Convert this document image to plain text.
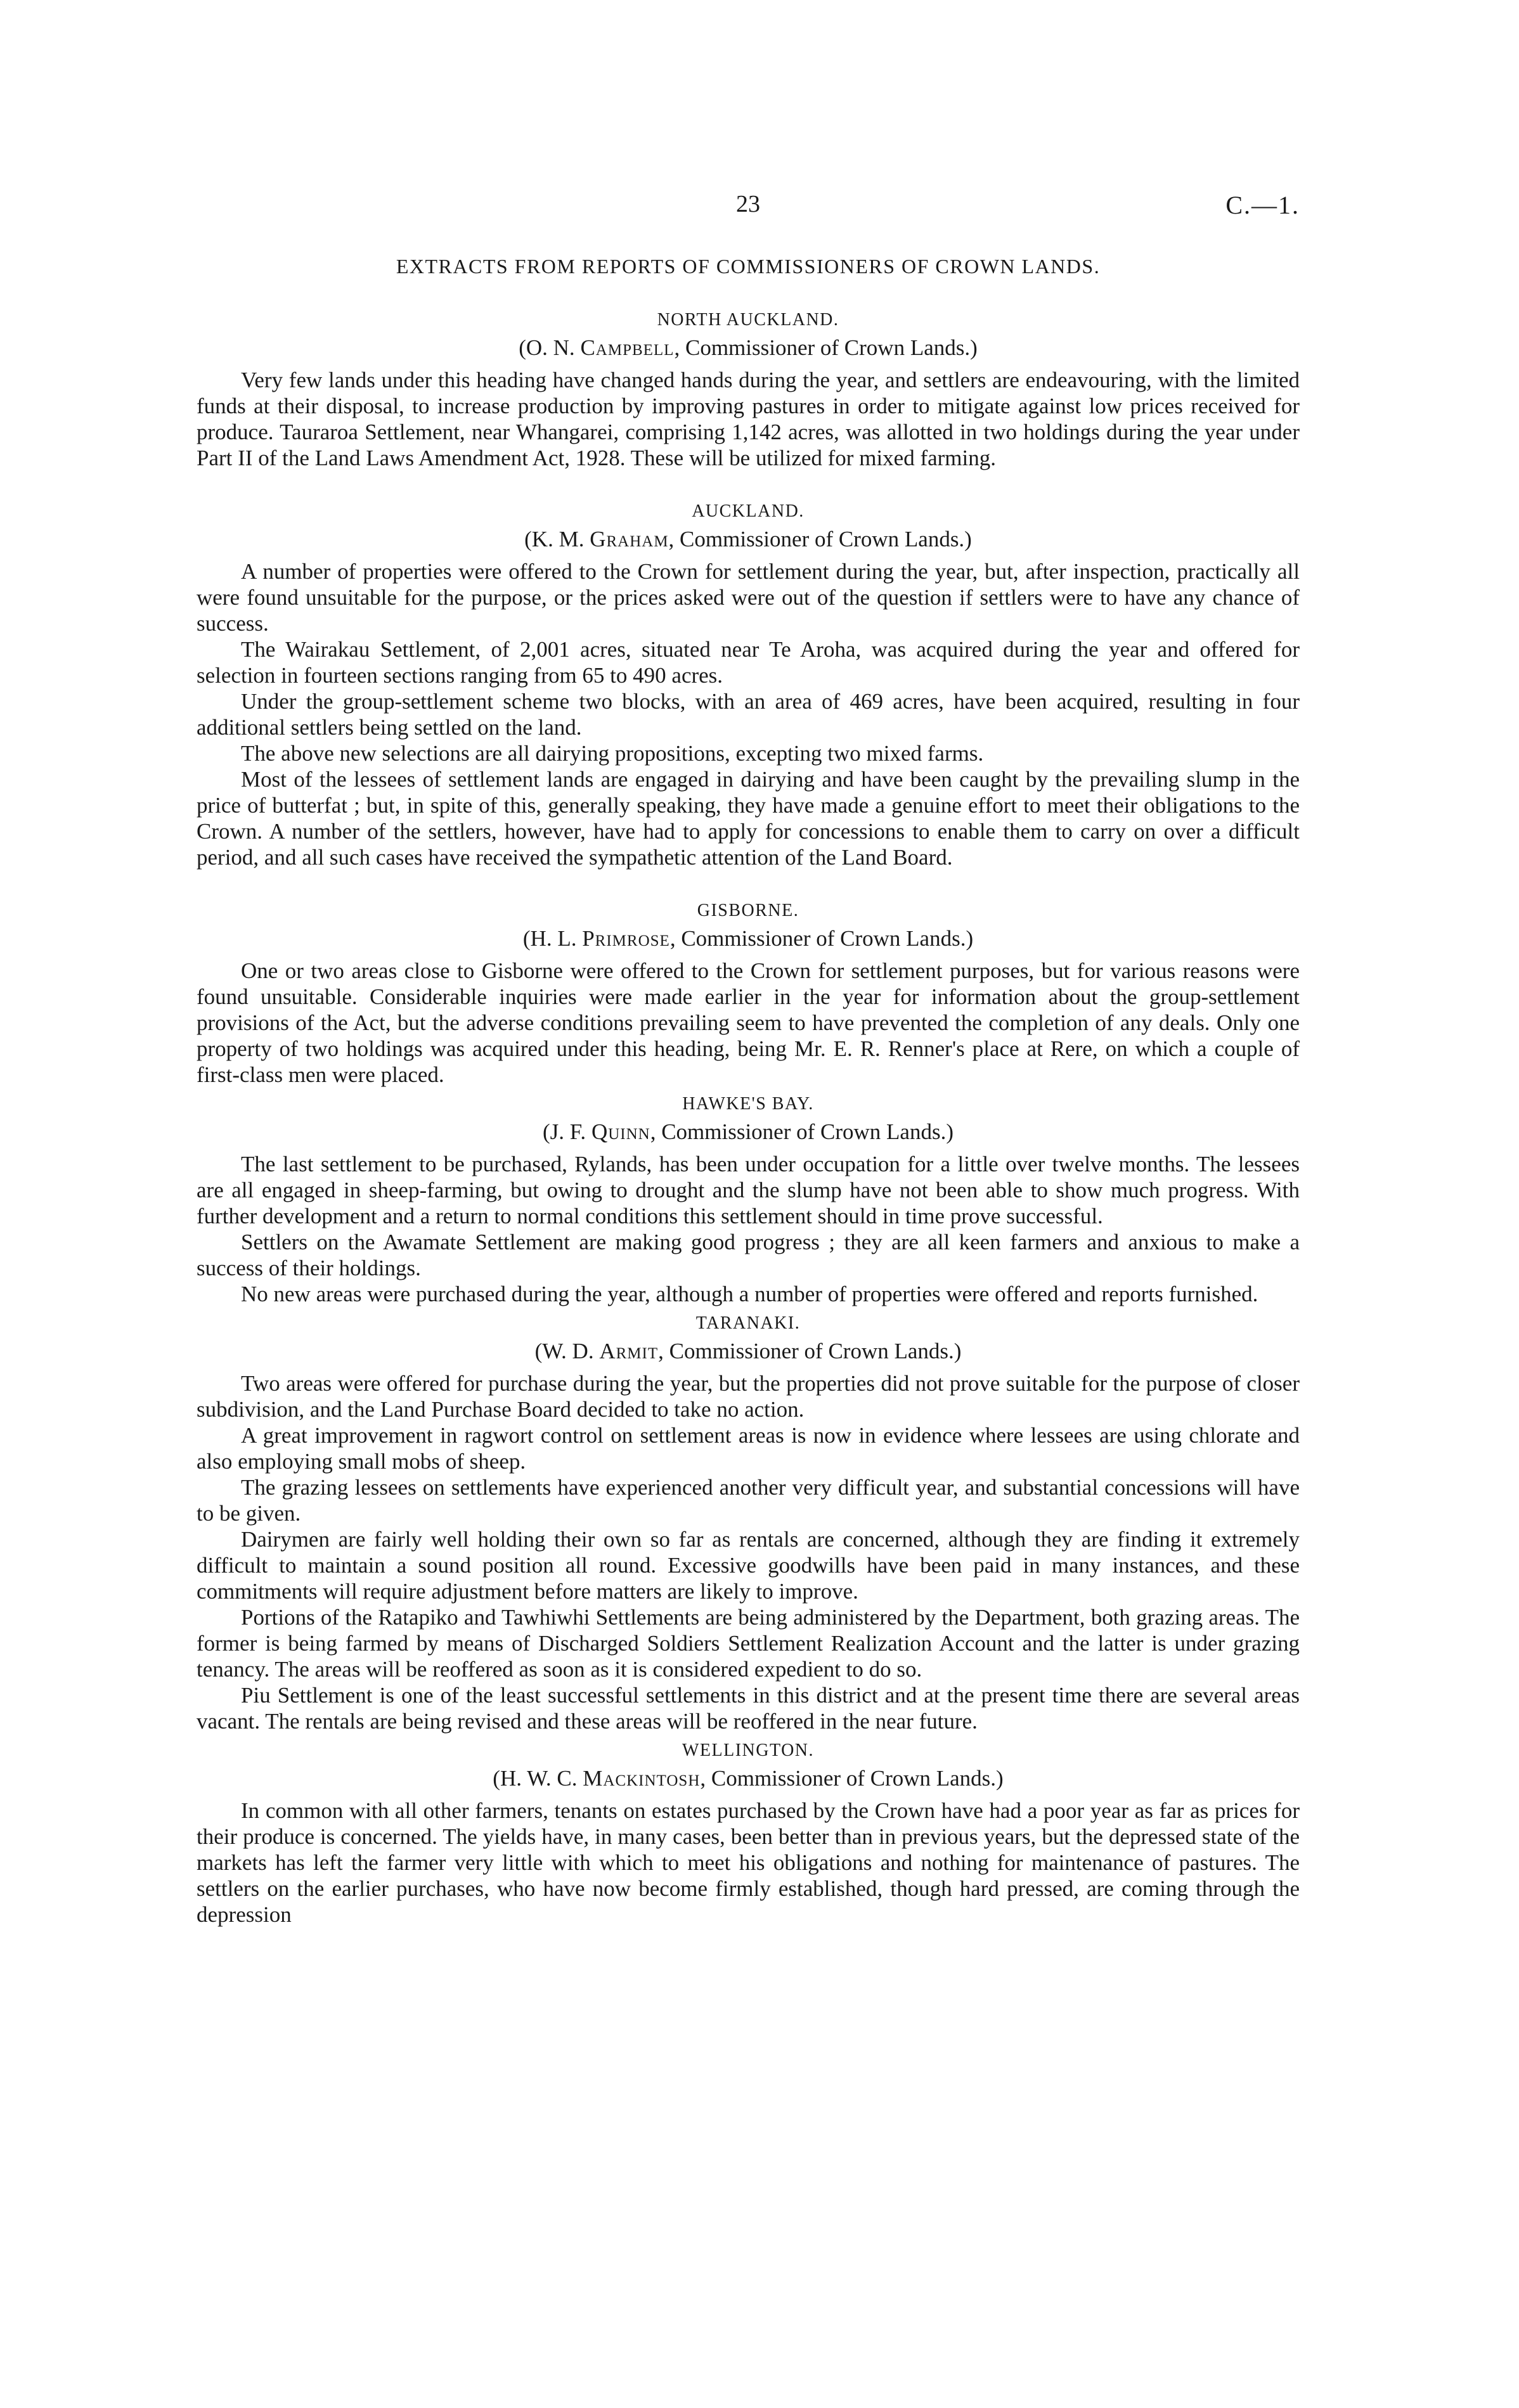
23	C.—1.
EXTRACTS FROM REPORTS OF COMMISSIONERS OF CROWN LANDS.
NORTH AUCKLAND.
(O. N. Campbell, Commissioner of Crown Lands.)

Very few lands under this heading have changed hands during the year, and settlers are endeavouring, with the limited funds at their disposal, to increase production by improving pastures in order to mitigate against low prices received for produce. Tauraroa Settlement, near Whangarei, comprising 1,142 acres, was allotted in two holdings during the year under Part II of the Land Laws Amendment Act, 1928. These will be utilized for mixed farming.

AUCKLAND.
(K. M. Graham, Commissioner of Crown Lands.)

A number of properties were offered to the Crown for settlement during the year, but, after inspection, practically all were found unsuitable for the purpose, or the prices asked were out of the question if settlers were to have any chance of success.

The Wairakau Settlement, of 2,001 acres, situated near Te Aroha, was acquired during the year and offered for selection in fourteen sections ranging from 65 to 490 acres.

Under the group-settlement scheme two blocks, with an area of 469 acres, have been acquired, resulting in four additional settlers being settled on the land.

The above new selections are all dairying propositions, excepting two mixed farms.

Most of the lessees of settlement lands are engaged in dairying and have been caught by the prevailing slump in the price of butterfat ; but, in spite of this, generally speaking, they have made a genuine effort to meet their obligations to the Crown. A number of the settlers, however, have had to apply for concessions to enable them to carry on over a difficult period, and all such cases have received the sympathetic attention of the Land Board.

GISBORNE.
(H. L. Primrose, Commissioner of Crown Lands.)

One or two areas close to Gisborne were offered to the Crown for settlement purposes, but for various reasons were found unsuitable. Considerable inquiries were made earlier in the year for information about the group-settlement provisions of the Act, but the adverse conditions prevailing seem to have prevented the completion of any deals. Only one property of two holdings was acquired under this heading, being Mr. E. R. Renner's place at Rere, on which a couple of first-class men were placed.

HAWKE'S BAY.
(J. F. Quinn, Commissioner of Crown Lands.)

The last settlement to be purchased, Rylands, has been under occupation for a little over twelve months. The lessees are all engaged in sheep-farming, but owing to drought and the slump have not been able to show much progress. With further development and a return to normal conditions this settlement should in time prove successful.

Settlers on the Awamate Settlement are making good progress ; they are all keen farmers and anxious to make a success of their holdings.

No new areas were purchased during the year, although a number of properties were offered and reports furnished.

TARANAKI.
(W. D. Armit, Commissioner of Crown Lands.)

Two areas were offered for purchase during the year, but the properties did not prove suitable for the purpose of closer subdivision, and the Land Purchase Board decided to take no action.

A great improvement in ragwort control on settlement areas is now in evidence where lessees are using chlorate and also employing small mobs of sheep.

The grazing lessees on settlements have experienced another very difficult year, and substantial concessions will have to be given.

Dairymen are fairly well holding their own so far as rentals are concerned, although they are finding it extremely difficult to maintain a sound position all round. Excessive goodwills have been paid in many instances, and these commitments will require adjustment before matters are likely to improve.

Portions of the Ratapiko and Tawhiwhi Settlements are being administered by the Department, both grazing areas. The former is being farmed by means of Discharged Soldiers Settlement Realization Account and the latter is under grazing tenancy. The areas will be reoffered as soon as it is considered expedient to do so.

Piu Settlement is one of the least successful settlements in this district and at the present time there are several areas vacant. The rentals are being revised and these areas will be reoffered in the near future.

WELLINGTON.
(H. W. C. Mackintosh, Commissioner of Crown Lands.)

In common with all other farmers, tenants on estates purchased by the Crown have had a poor year as far as prices for their produce is concerned. The yields have, in many cases, been better than in previous years, but the depressed state of the markets has left the farmer very little with which to meet his obligations and nothing for maintenance of pastures. The settlers on the earlier purchases, who have now become firmly established, though hard pressed, are coming through the depression
